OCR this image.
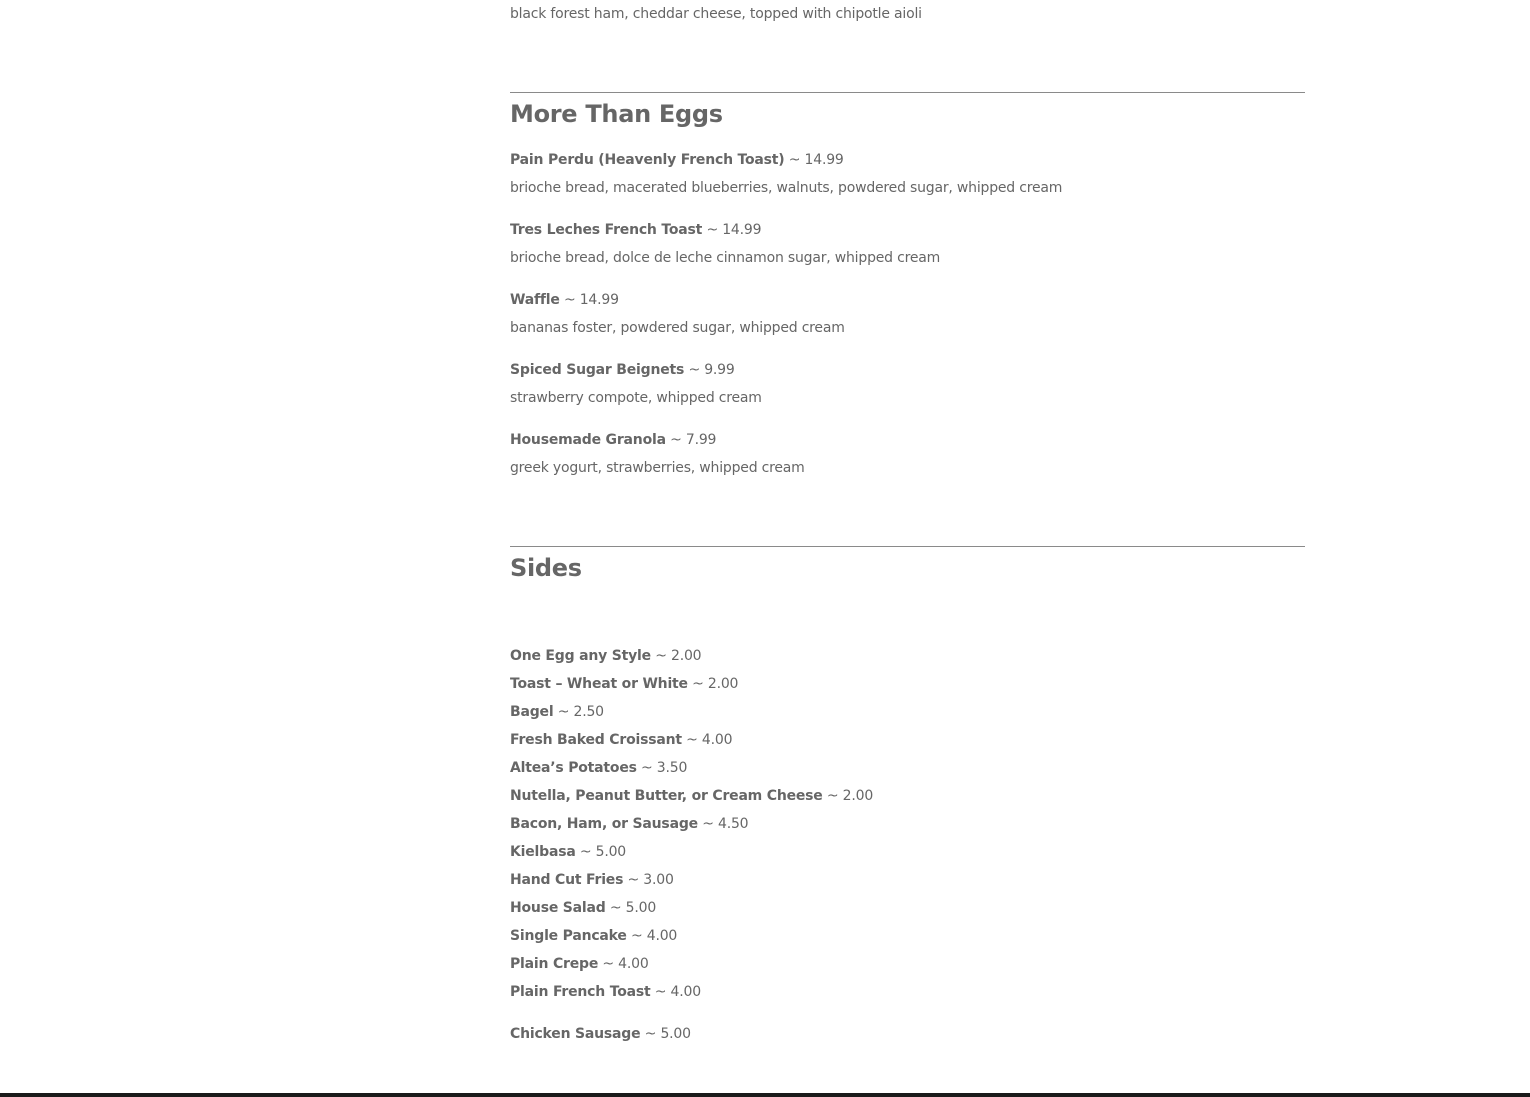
black forest ham, cheddar cheese, topped with chipotle aioli
More Than Eggs
Pain Perdu (Heavenly French Toast) ~ 14.99
brioche bread, macerated blueberries, walnuts, powdered sugar, whipped cream
Tres Leches French Toast ~ 14.99
brioche bread, dolce de leche cinnamon sugar, whipped cream
Waffle ~ 14.99
bananas foster, powdered sugar, whipped cream
Spiced Sugar Beignets ~ 9.99
strawberry compote, whipped cream
Housemade Granola ~ 7.99
greek yogurt, strawberries, whipped cream
Sides
One Egg any Style ~ 2.00
Toast – Wheat or White ~ 2.00
Bagel ~ 2.50
Fresh Baked Croissant ~ 4.00
Altea’s Potatoes ~ 3.50
Nutella, Peanut Butter, or Cream Cheese ~ 2.00
Bacon, Ham, or Sausage ~ 4.50
Kielbasa ~ 5.00
Hand Cut Fries ~ 3.00
House Salad ~ 5.00
Single Pancake ~ 4.00
Plain Crepe ~ 4.00
Plain French Toast ~ 4.00
Chicken Sausage ~ 5.00
